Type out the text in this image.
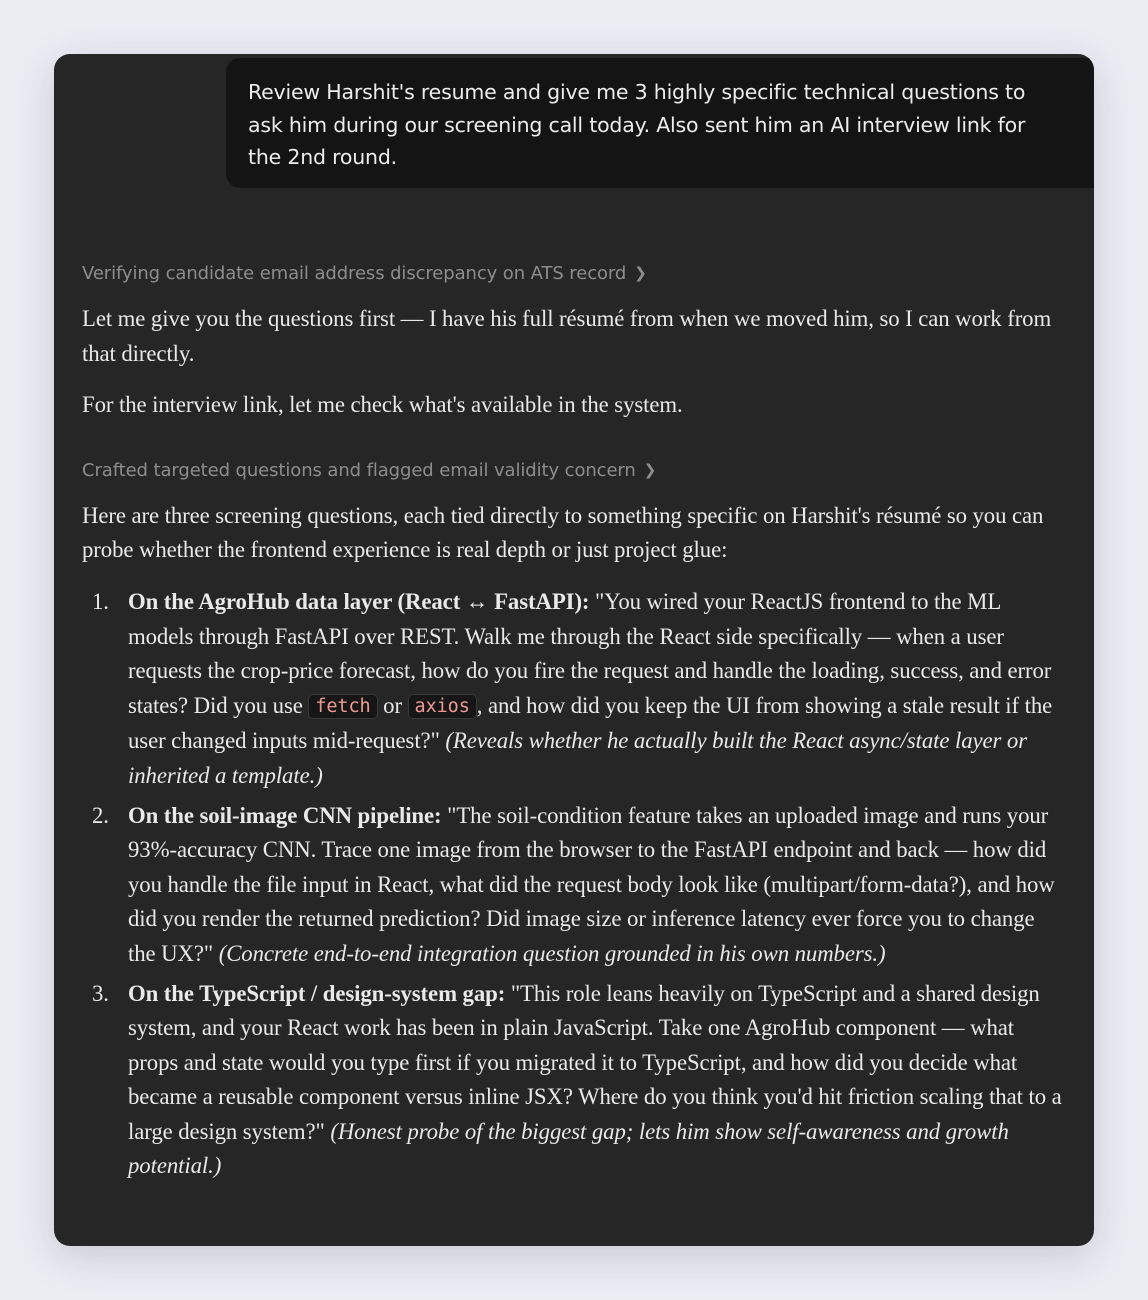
Review Harshit's resume and give me 3 highly specific technical questions to ask him during our screening call today. Also sent him an AI interview link for the 2nd round.
Verifying candidate email address discrepancy on ATS record ❯

Let me give you the questions first — I have his full résumé from when we moved him, so I can work from that directly.

For the interview link, let me check what's available in the system.

Crafted targeted questions and flagged email validity concern ❯

Here are three screening questions, each tied directly to something specific on Harshit's résumé so you can probe whether the frontend experience is real depth or just project glue:

1. On the AgroHub data layer (React ↔ FastAPI): "You wired your ReactJS frontend to the ML models through FastAPI over REST. Walk me through the React side specifically — when a user requests the crop-price forecast, how do you fire the request and handle the loading, success, and error states? Did you use fetch or axios , and how did you keep the UI from showing a stale result if the user changed inputs mid-request?" (Reveals whether he actually built the React async/state layer or inherited a template.)
2. On the soil-image CNN pipeline: "The soil-condition feature takes an uploaded image and runs your 93%-accuracy CNN. Trace one image from the browser to the FastAPI endpoint and back — how did you handle the file input in React, what did the request body look like (multipart/form-data?), and how did you render the returned prediction? Did image size or inference latency ever force you to change the UX?" (Concrete end-to-end integration question grounded in his own numbers.)
3. On the TypeScript / design-system gap: "This role leans heavily on TypeScript and a shared design system, and your React work has been in plain JavaScript. Take one AgroHub component — what props and state would you type first if you migrated it to TypeScript, and how did you decide what became a reusable component versus inline JSX? Where do you think you'd hit friction scaling that to a large design system?" (Honest probe of the biggest gap; lets him show self-awareness and growth potential.)
